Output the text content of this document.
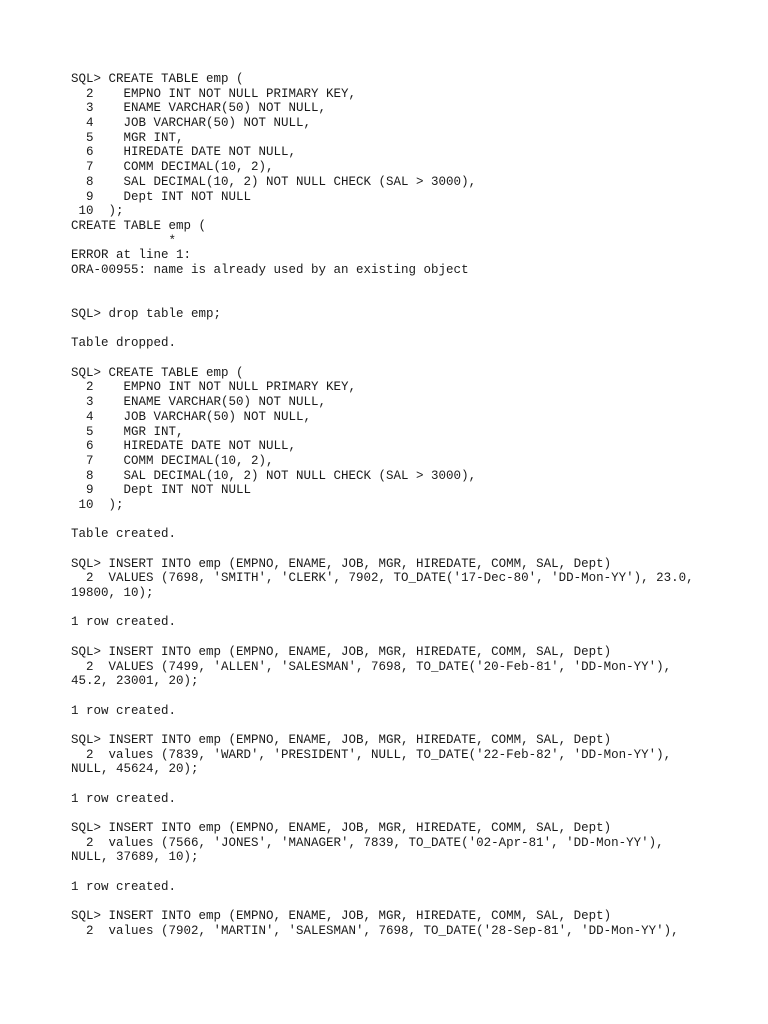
SQL> CREATE TABLE emp (
2    EMPNO INT NOT NULL PRIMARY KEY,
3    ENAME VARCHAR(50) NOT NULL,
4    JOB VARCHAR(50) NOT NULL,
5    MGR INT,
6    HIREDATE DATE NOT NULL,
7    COMM DECIMAL(10, 2),
8    SAL DECIMAL(10, 2) NOT NULL CHECK (SAL > 3000),
9    Dept INT NOT NULL
10  );
CREATE TABLE emp (
*
ERROR at line 1:
ORA-00955: name is already used by an existing object
SQL> drop table emp;
Table dropped.
SQL> CREATE TABLE emp (
2    EMPNO INT NOT NULL PRIMARY KEY,
3    ENAME VARCHAR(50) NOT NULL,
4    JOB VARCHAR(50) NOT NULL,
5    MGR INT,
6    HIREDATE DATE NOT NULL,
7    COMM DECIMAL(10, 2),
8    SAL DECIMAL(10, 2) NOT NULL CHECK (SAL > 3000),
9    Dept INT NOT NULL
10  );
Table created.
SQL> INSERT INTO emp (EMPNO, ENAME, JOB, MGR, HIREDATE, COMM, SAL, Dept)
2  VALUES (7698, 'SMITH', 'CLERK', 7902, TO_DATE('17-Dec-80', 'DD-Mon-YY'), 23.0,
19800, 10);
1 row created.
SQL> INSERT INTO emp (EMPNO, ENAME, JOB, MGR, HIREDATE, COMM, SAL, Dept)
2  VALUES (7499, 'ALLEN', 'SALESMAN', 7698, TO_DATE('20-Feb-81', 'DD-Mon-YY'),
45.2, 23001, 20);
1 row created.
SQL> INSERT INTO emp (EMPNO, ENAME, JOB, MGR, HIREDATE, COMM, SAL, Dept)
2  values (7839, 'WARD', 'PRESIDENT', NULL, TO_DATE('22-Feb-82', 'DD-Mon-YY'),
NULL, 45624, 20);
1 row created.
SQL> INSERT INTO emp (EMPNO, ENAME, JOB, MGR, HIREDATE, COMM, SAL, Dept)
2  values (7566, 'JONES', 'MANAGER', 7839, TO_DATE('02-Apr-81', 'DD-Mon-YY'),
NULL, 37689, 10);
1 row created.
SQL> INSERT INTO emp (EMPNO, ENAME, JOB, MGR, HIREDATE, COMM, SAL, Dept)
2  values (7902, 'MARTIN', 'SALESMAN', 7698, TO_DATE('28-Sep-81', 'DD-Mon-YY'),
